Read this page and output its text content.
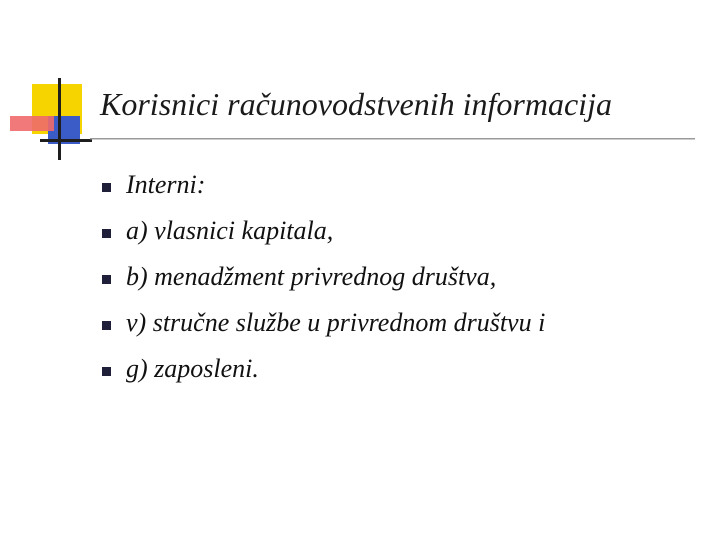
Korisnici računovodstvenih informacija
Interni:
a) vlasnici kapitala,
b) menadžment privrednog društva,
v) stručne službe u privrednom društvu i
g) zaposleni.
